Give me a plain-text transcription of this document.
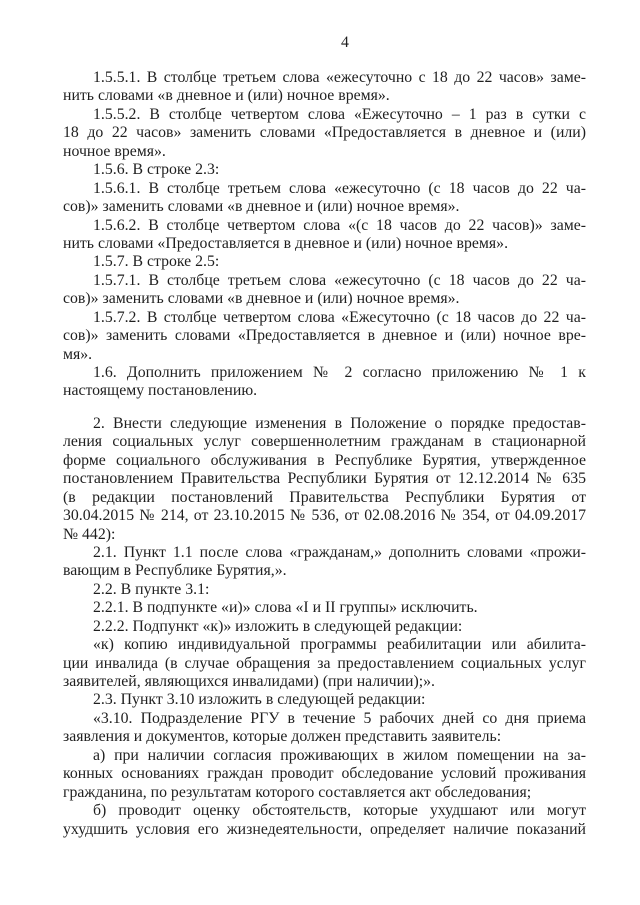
4
1.5.5.1. В столбце третьем слова «ежесуточно с 18 до 22 часов» заме-
нить словами «в дневное и (или) ночное время».
1.5.5.2. В столбце четвертом слова «Ежесуточно – 1 раз в сутки с
18 до 22 часов» заменить словами «Предоставляется в дневное и (или)
ночное время».
1.5.6. В строке 2.3:
1.5.6.1. В столбце третьем слова «ежесуточно (с 18 часов до 22 ча-
сов)» заменить словами «в дневное и (или) ночное время».
1.5.6.2. В столбце четвертом слова «(с 18 часов до 22 часов)» заме-
нить словами «Предоставляется в дневное и (или) ночное время».
1.5.7. В строке 2.5:
1.5.7.1. В столбце третьем слова «ежесуточно (с 18 часов до 22 ча-
сов)» заменить словами «в дневное и (или) ночное время».
1.5.7.2. В столбце четвертом слова «Ежесуточно (с 18 часов до 22 ча-
сов)» заменить словами «Предоставляется в дневное и (или) ночное вре-
мя».
1.6. Дополнить приложением № 2 согласно приложению № 1 к
настоящему постановлению.
2. Внести следующие изменения в Положение о порядке предостав-
ления социальных услуг совершеннолетним гражданам в стационарной
форме социального обслуживания в Республике Бурятия, утвержденное
постановлением Правительства Республики Бурятия от 12.12.2014 № 635
(в редакции постановлений Правительства Республики Бурятия от
30.04.2015 № 214, от 23.10.2015 № 536, от 02.08.2016 № 354, от 04.09.2017
№ 442):
2.1. Пункт 1.1 после слова «гражданам,» дополнить словами «прожи-
вающим в Республике Бурятия,».
2.2. В пункте 3.1:
2.2.1. В подпункте «и)» слова «I и II группы» исключить.
2.2.2. Подпункт «к)» изложить в следующей редакции:
«к) копию индивидуальной программы реабилитации или абилита-
ции инвалида (в случае обращения за предоставлением социальных услуг
заявителей, являющихся инвалидами) (при наличии);».
2.3. Пункт 3.10 изложить в следующей редакции:
«3.10. Подразделение РГУ в течение 5 рабочих дней со дня приема
заявления и документов, которые должен представить заявитель:
а) при наличии согласия проживающих в жилом помещении на за-
конных основаниях граждан проводит обследование условий проживания
гражданина, по результатам которого составляется акт обследования;
б) проводит оценку обстоятельств, которые ухудшают или могут
ухудшить условия его жизнедеятельности, определяет наличие показаний
